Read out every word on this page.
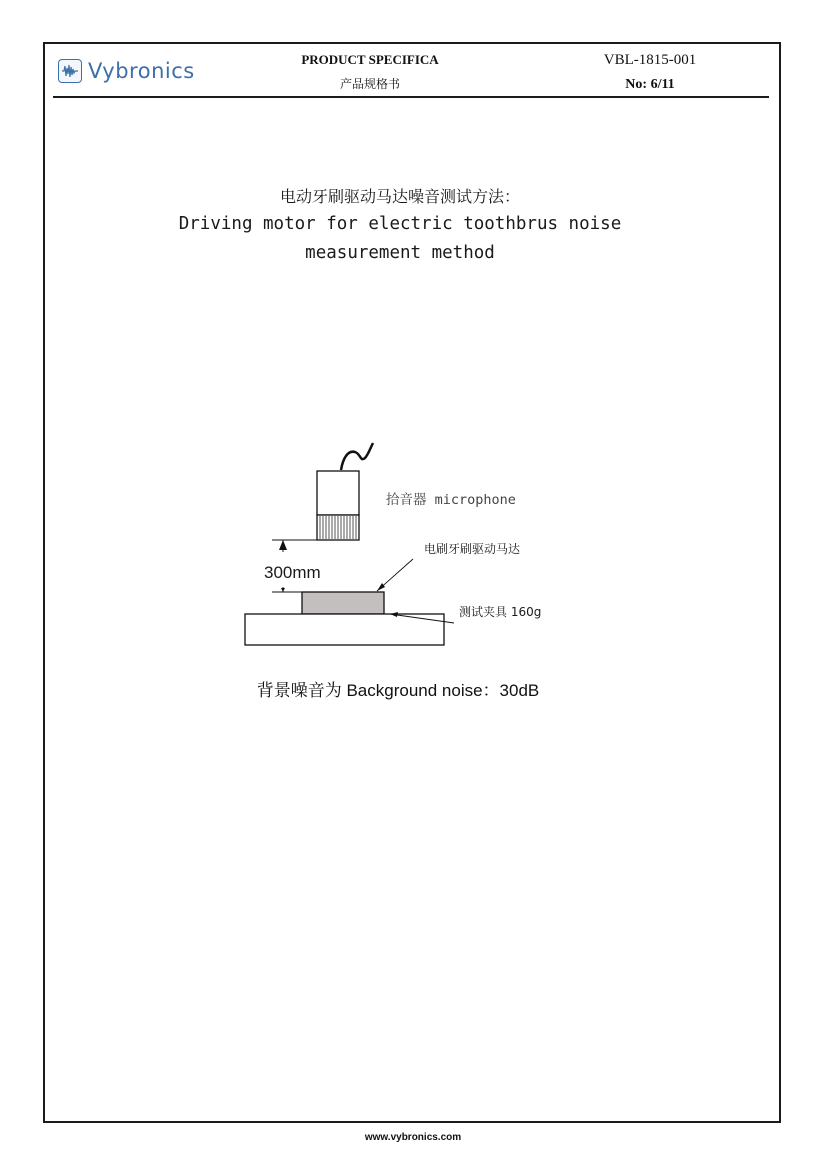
Vybronics	PRODUCT SPECIFICA
产品规格书
VBL-1815-001
No: 6/11
电动牙刷驱动马达噪音测试方法：
Driving motor for electric toothbrus noise
measurement method
拾音器 microphone
电刷牙刷驱动马达
测试夹具 160g
300mm
背景噪音为 Background noise：30dB
www.vybronics.com
